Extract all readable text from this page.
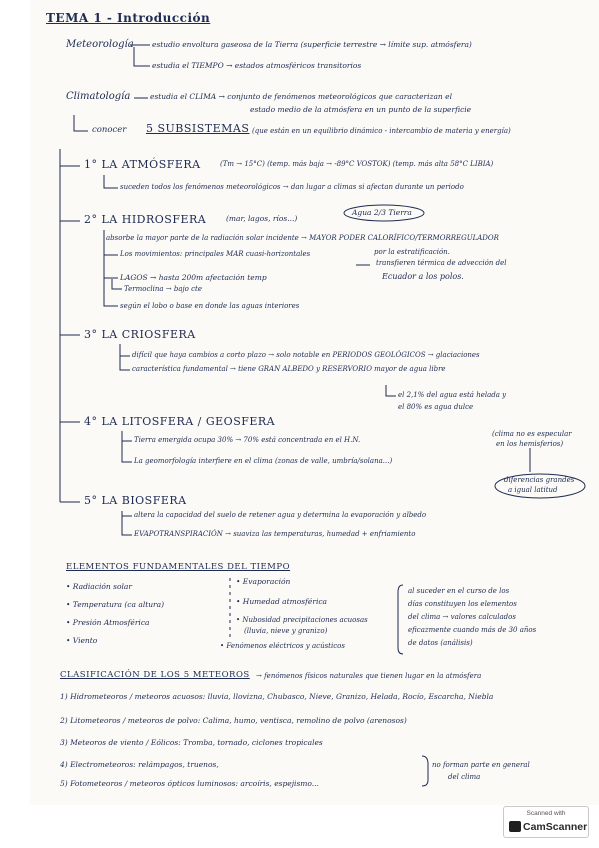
TEMA 1 - Introducción
Meteorología estudio envoltura gaseosa de la Tierra (superficie terrestre → límite sup. atmósfera)
estudia el TIEMPO → estados atmosféricos transitorios
Climatología	estudia el CLIMA → conjunto de fenómenos meteorológicos que caracterizan el
estado medio de la atmósfera en un punto de la superficie
conocer 5 SUBSISTEMAS (que están en un equilibrio dinámico - intercambio de materia y energía)
1° LA ATMÓSFERA	(Tm → 15°C) (temp. más baja → -89°C VOSTOK) (temp. más alta 58°C LIBIA)
suceden todos los fenómenos meteorológicos → dan lugar a climas si afectan durante un periodo
2° LA HIDROSFERA	(mar, lagos, ríos...)
Agua 2/3 Tierra
absorbe la mayor parte de la radiación solar incidente → MAYOR PODER CALORÍFICO/TERMORREGULADOR
Los movimientos: principales MAR cuasi-horizontales	por la estratificación.
transfieren térmica de advección del
Ecuador a los polos.
LAGOS → hasta 200m afectación temp
Termoclina → bajo cte
según el lobo o base en donde las aguas interiores
3° LA CRIOSFERA
difícil que haya cambios a corto plazo → solo notable en PERIODOS GEOLÓGICOS → glaciaciones
característica fundamental → tiene GRAN ALBEDO y RESERVORIO mayor de agua libre
el 2,1% del agua está helada y
el 80% es agua dulce
4° LA LITOSFERA / GEOSFERA
Tierra emergida ocupa 30% → 70% está concentrada en el H.N.
(clima no es especular
en los hemisferios)
La geomorfología interfiere en el clima (zonas de valle, umbría/solana...)
diferencias grandes
a igual latitud
5° LA BIOSFERA
altera la capacidad del suelo de retener agua y determina la evaporación y albedo
EVAPOTRANSPIRACIÓN → suaviza las temperaturas, humedad + enfriamiento
ELEMENTOS FUNDAMENTALES DEL TIEMPO
• Radiación solar
• Temperatura (ca altura)
• Presión Atmosférica
• Viento
• Evaporación
• Humedad atmosférica
• Nubosidad precipitaciones acuosas
(lluvia, nieve y granizo)
• Fenómenos eléctricos y acústicos
al suceder en el curso de los
días constituyen los elementos
del clima → valores calculados
eficazmente cuando más de 30 años
de datos (análisis)
CLASIFICACIÓN DE LOS 5 METEOROS → fenómenos físicos naturales que tienen lugar en la atmósfera
1) Hidrometeoros / meteoros acuosos: lluvia, llovizna, Chubasco, Nieve, Granizo, Helada, Rocío, Escarcha, Niebla
2) Litometeoros / meteoros de polvo: Calima, humo, ventisca, remolino de polvo (arenosos)
3) Meteoros de viento / Eólicos: Tromba, tornado, ciclones tropicales
4) Electrometeoros: relámpagos, truenos,
5) Fotometeoros / meteoros ópticos luminosos: arcoíris, espejismo...
no forman parte en general
del clima
Scanned with
CamScanner
